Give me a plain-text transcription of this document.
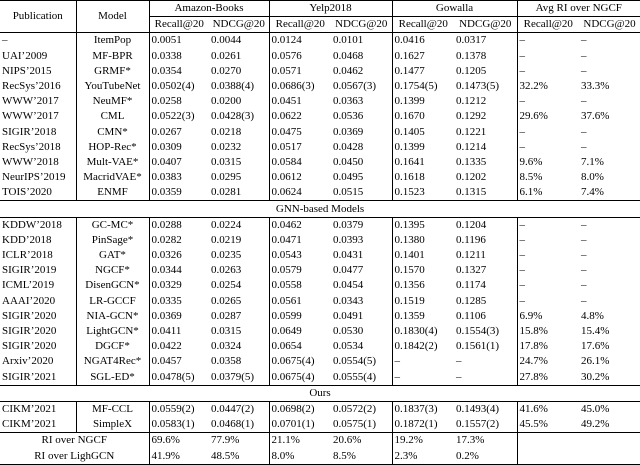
Publication	Model	Amazon-Books		Yelp2018		Gowalla		Avg RI over NGCF	
		Recall@20	NDCG@20	Recall@20	NDCG@20	Recall@20	NDCG@20	Recall@20	NDCG@20
–	ItemPop	0.0051	0.0044	0.0124	0.0101	0.0416	0.0317	–	–
UAI’2009	MF-BPR	0.0338	0.0261	0.0576	0.0468	0.1627	0.1378	–	–
NIPS’2015	GRMF*	0.0354	0.0270	0.0571	0.0462	0.1477	0.1205	–	–
RecSys’2016	YouTubeNet	0.0502(4)	0.0388(4)	0.0686(3)	0.0567(3)	0.1754(5)	0.1473(5)	32.2%	33.3%
WWW’2017	NeuMF*	0.0258	0.0200	0.0451	0.0363	0.1399	0.1212	–	–
WWW’2017	CML	0.0522(3)	0.0428(3)	0.0622	0.0536	0.1670	0.1292	29.6%	37.6%
SIGIR’2018	CMN*	0.0267	0.0218	0.0475	0.0369	0.1405	0.1221	–	–
RecSys’2018	HOP-Rec*	0.0309	0.0232	0.0517	0.0428	0.1399	0.1214	–	–
WWW’2018	Mult-VAE*	0.0407	0.0315	0.0584	0.0450	0.1641	0.1335	9.6%	7.1%
NeurIPS’2019	MacridVAE*	0.0383	0.0295	0.0612	0.0495	0.1618	0.1202	8.5%	8.0%
TOIS’2020	ENMF	0.0359	0.0281	0.0624	0.0515	0.1523	0.1315	6.1%	7.4%
GNN-based Models									
KDDW’2018	GC-MC*	0.0288	0.0224	0.0462	0.0379	0.1395	0.1204	–	–
KDD’2018	PinSage*	0.0282	0.0219	0.0471	0.0393	0.1380	0.1196	–	–
ICLR’2018	GAT*	0.0326	0.0235	0.0543	0.0431	0.1401	0.1211	–	–
SIGIR’2019	NGCF*	0.0344	0.0263	0.0579	0.0477	0.1570	0.1327	–	–
ICML’2019	DisenGCN*	0.0329	0.0254	0.0558	0.0454	0.1356	0.1174	–	–
AAAI’2020	LR-GCCF	0.0335	0.0265	0.0561	0.0343	0.1519	0.1285	–	–
SIGIR’2020	NIA-GCN*	0.0369	0.0287	0.0599	0.0491	0.1359	0.1106	6.9%	4.8%
SIGIR’2020	LightGCN*	0.0411	0.0315	0.0649	0.0530	0.1830(4)	0.1554(3)	15.8%	15.4%
SIGIR’2020	DGCF*	0.0422	0.0324	0.0654	0.0534	0.1842(2)	0.1561(1)	17.8%	17.6%
Arxiv’2020	NGAT4Rec*	0.0457	0.0358	0.0675(4)	0.0554(5)	–	–	24.7%	26.1%
SIGIR’2021	SGL-ED*	0.0478(5)	0.0379(5)	0.0675(4)	0.0555(4)	–	–	27.8%	30.2%
Ours									
CIKM’2021	MF-CCL	0.0559(2)	0.0447(2)	0.0698(2)	0.0572(2)	0.1837(3)	0.1493(4)	41.6%	45.0%
CIKM’2021	SimpleX	0.0583(1)	0.0468(1)	0.0701(1)	0.0575(1)	0.1872(1)	0.1557(2)	45.5%	49.2%
RI over NGCF		69.6%	77.9%	21.1%	20.6%	19.2%	17.3%		
RI over LighGCN		41.9%	48.5%	8.0%	8.5%	2.3%	0.2%		
